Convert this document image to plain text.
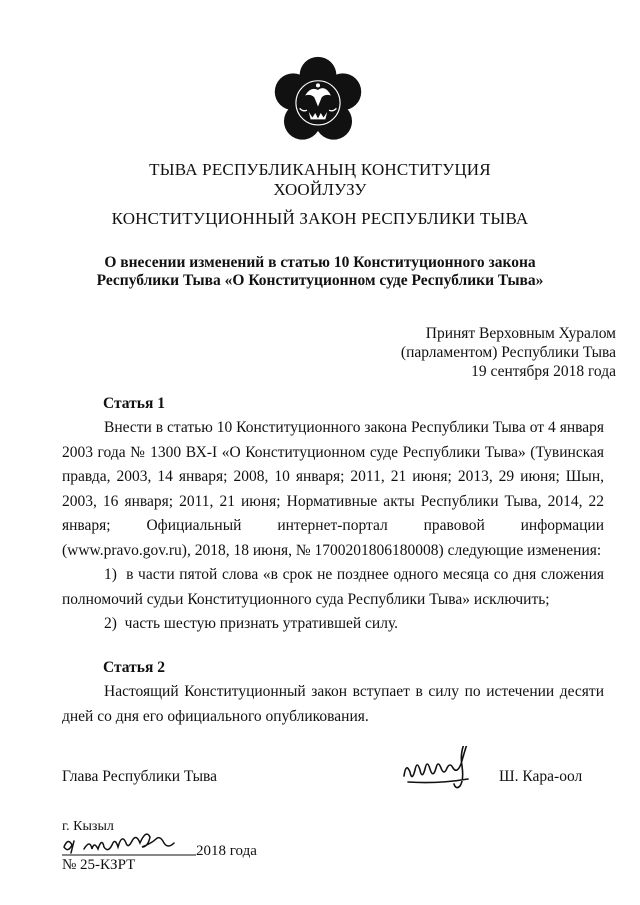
ТЫВА РЕСПУБЛИКАНЫҢ КОНСТИТУЦИЯ
ХООЙЛУЗУ
КОНСТИТУЦИОННЫЙ ЗАКОН РЕСПУБЛИКИ ТЫВА
О внесении изменений в статью 10 Конституционного закона
Республики Тыва «О Конституционном суде Республики Тыва»
Принят Верховным Хуралом
(парламентом) Республики Тыва
19 сентября 2018 года
Статья 1

Внести в статью 10 Конституционного закона Республики Тыва от 4 января 2003 года № 1300 ВХ-I «О Конституционном суде Республики Тыва» (Тувинская правда, 2003, 14 января; 2008, 10 января; 2011, 21 июня; 2013, 29 июня; Шын, 2003, 16 января; 2011, 21 июня; Нормативные акты Республики Тыва, 2014, 22 января; Официальный интернет-портал правовой информации (www.pravo.gov.ru), 2018, 18 июня, № 1700201806180008) следующие изменения:

1)  в части пятой слова «в срок не позднее одного месяца со дня сложения полномочий судьи Конституционного суда Республики Тыва» исключить;

2)  часть шестую признать утратившей силу.

Статья 2

Настоящий Конституционный закон вступает в силу по истечении десяти дней со дня его официального опубликования.

Глава Республики Тыва	Ш. Кара-оол
г. Кызыл
2018 года
№ 25-КЗРТ
